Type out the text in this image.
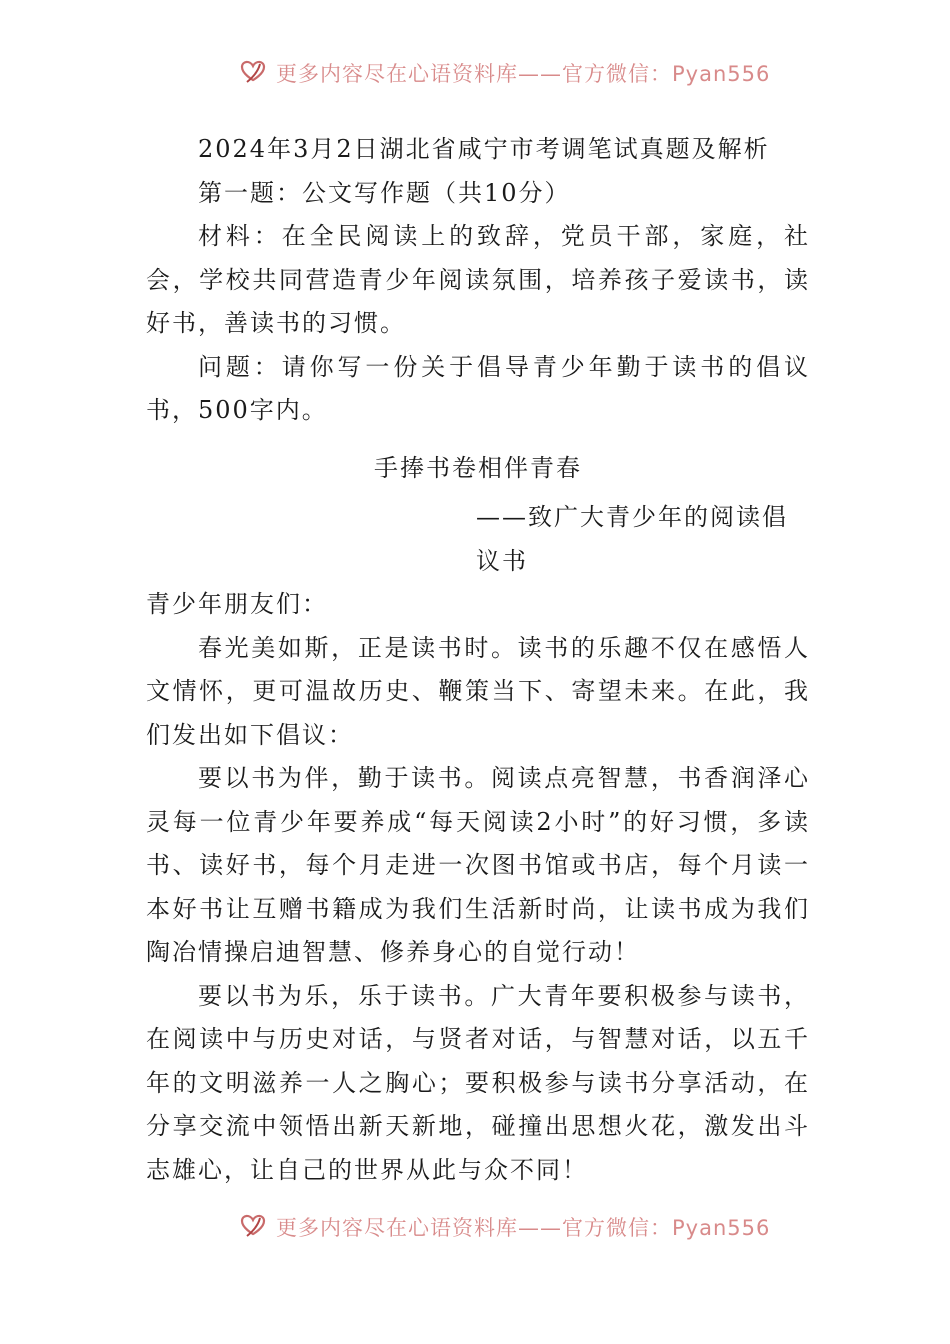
更多内容尽在心语资料库——官方微信：Pyan556

2024年3月2日湖北省咸宁市考调笔试真题及解析

第一题：公文写作题（共10分）

材料：在全民阅读上的致辞，党员干部，家庭，社会，学校共同营造青少年阅读氛围，培养孩子爱读书，读好书，善读书的习惯。

问题：请你写一份关于倡导青少年勤于读书的倡议书，500字内。

手捧书卷相伴青春

——致广大青少年的阅读倡议书

青少年朋友们：

春光美如斯，正是读书时。读书的乐趣不仅在感悟人文情怀，更可温故历史、鞭策当下、寄望未来。在此，我们发出如下倡议：

要以书为伴，勤于读书。阅读点亮智慧，书香润泽心灵每一位青少年要养成“每天阅读2小时”的好习惯，多读书、读好书，每个月走进一次图书馆或书店，每个月读一本好书让互赠书籍成为我们生活新时尚，让读书成为我们陶冶情操启迪智慧、修养身心的自觉行动！

要以书为乐，乐于读书。广大青年要积极参与读书，在阅读中与历史对话，与贤者对话，与智慧对话，以五千年的文明滋养一人之胸心；要积极参与读书分享活动，在分享交流中领悟出新天新地，碰撞出思想火花，激发出斗志雄心，让自己的世界从此与众不同！

更多内容尽在心语资料库——官方微信：Pyan556
